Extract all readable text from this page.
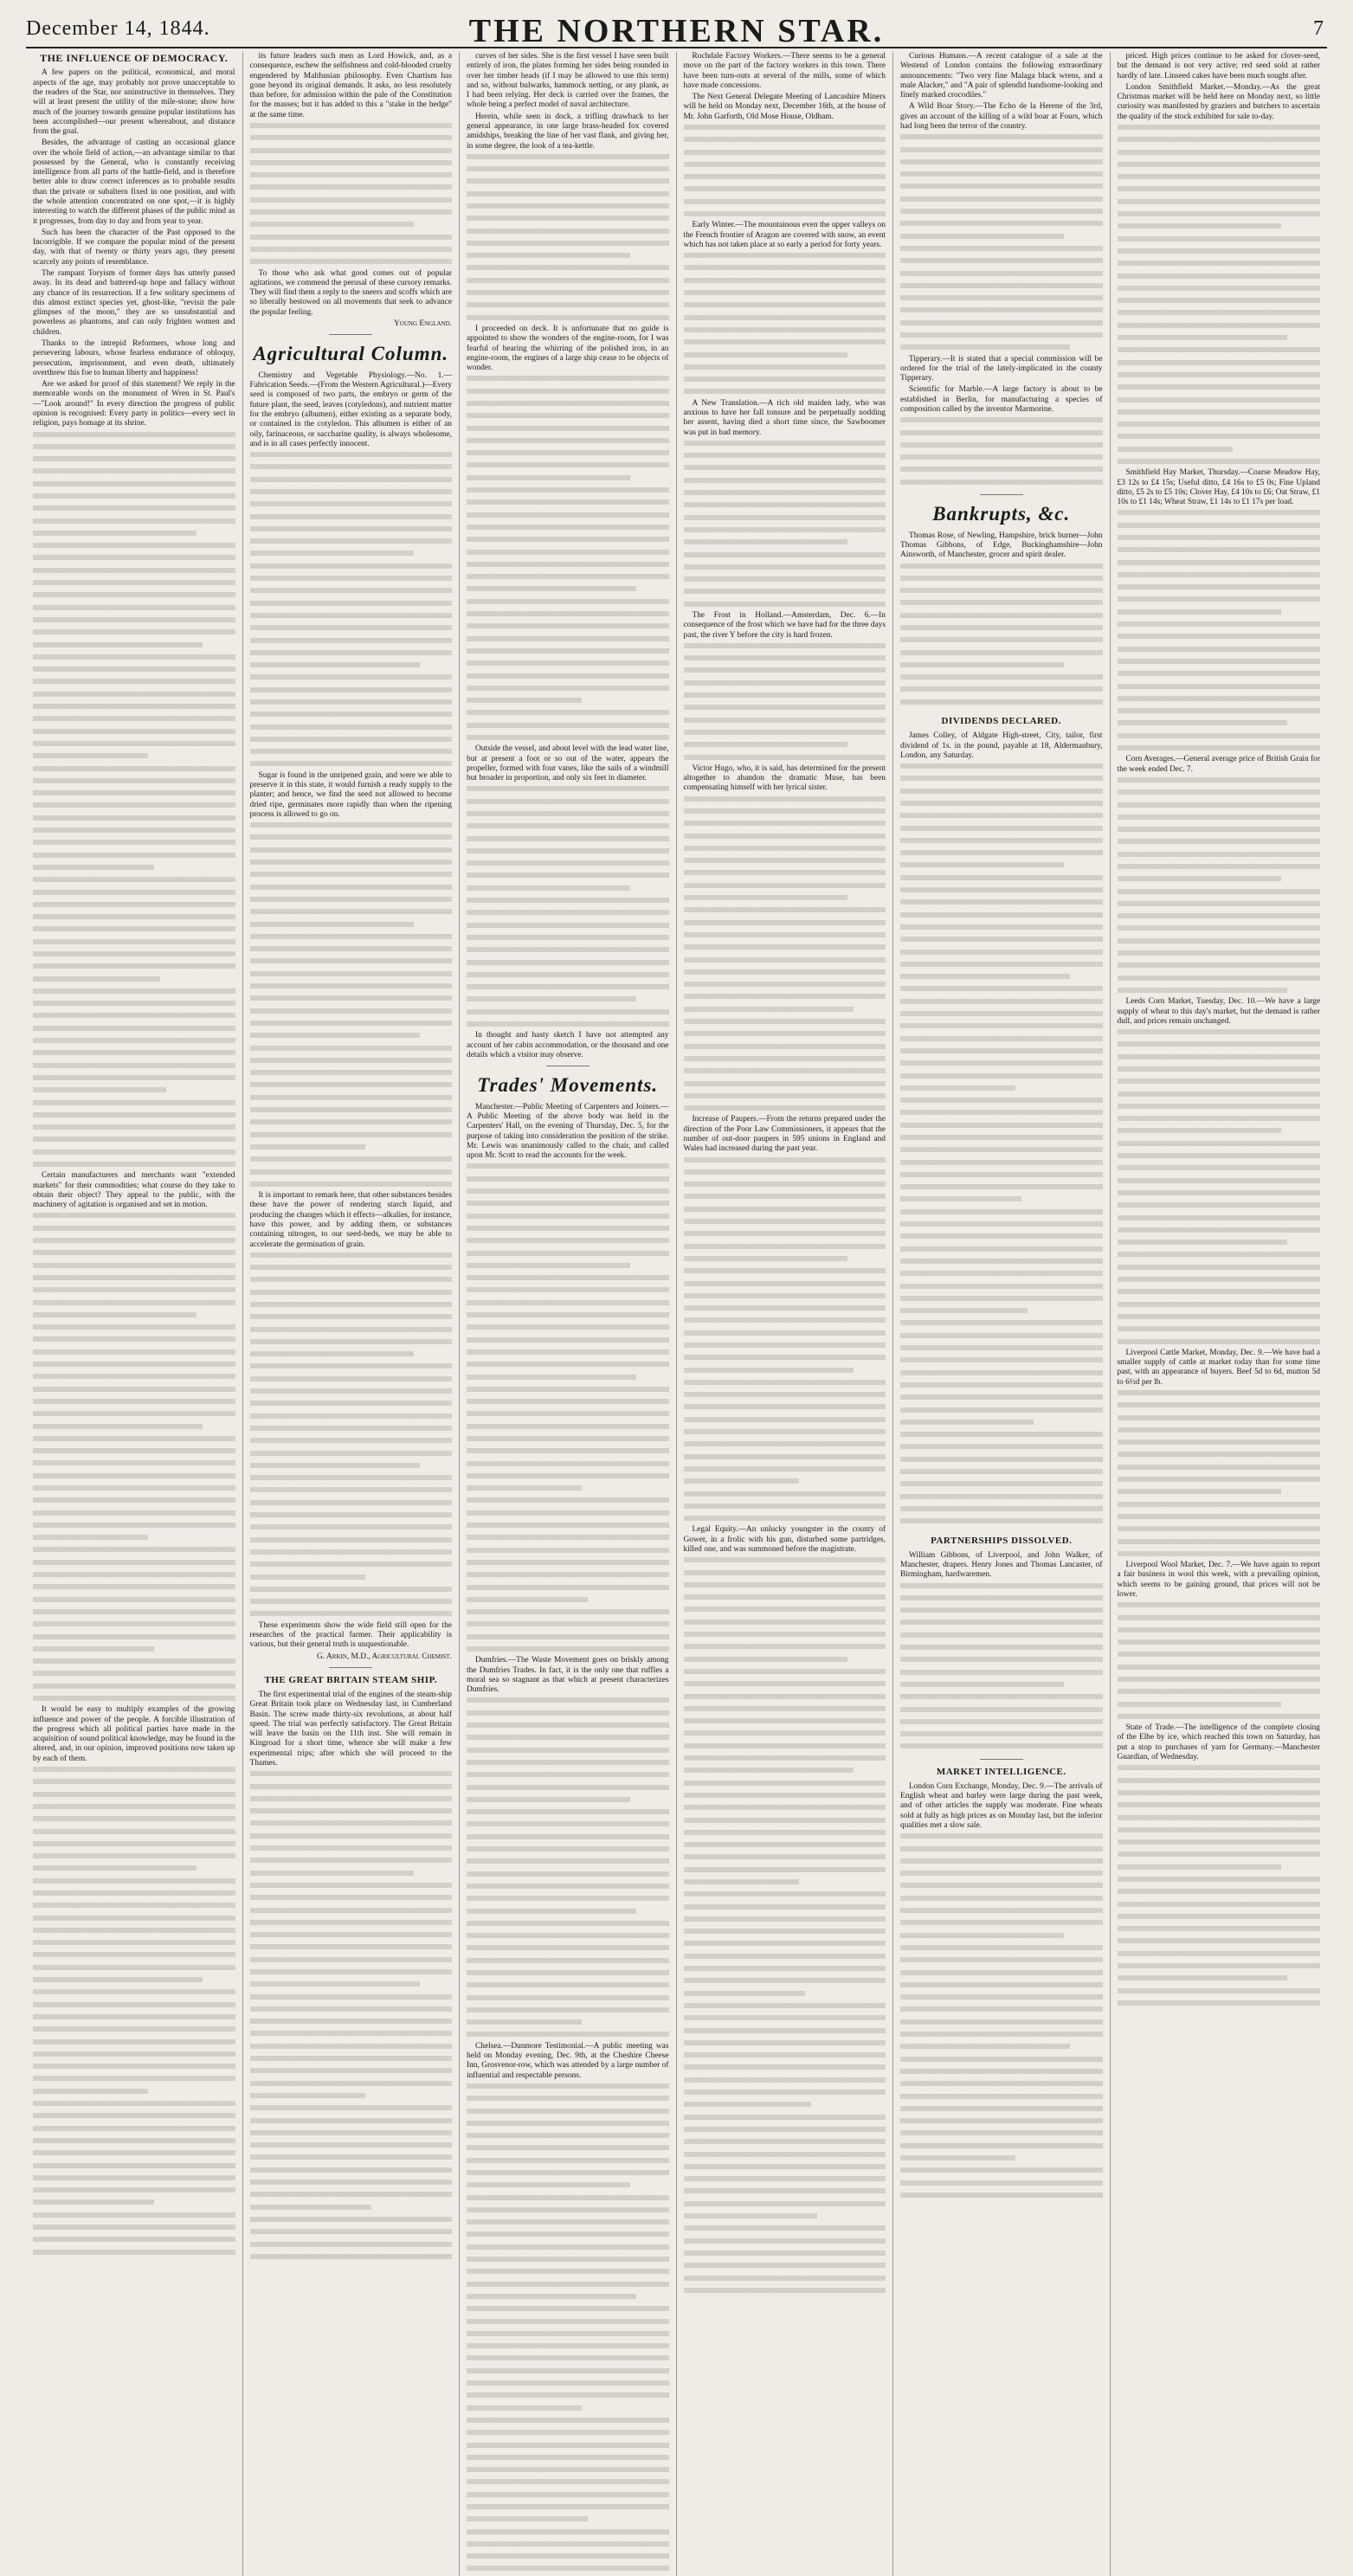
December 14, 1844.	THE NORTHERN STAR.	7
THE INFLUENCE OF DEMOCRACY.

A few papers on the political, economical, and moral aspects of the age, may probably not prove unacceptable to the readers of the Star, nor uninstructive in themselves. They will at least present the utility of the mile-stone; show how much of the journey towards genuine popular institutions has been accomplished—our present whereabout, and distance from the goal.

Besides, the advantage of casting an occasional glance over the whole field of action,—an advantage similar to that possessed by the General, who is constantly receiving intelligence from all parts of the battle-field, and is therefore better able to draw correct inferences as to probable results than the private or subaltern fixed in one position, and with the whole attention concentrated on one spot,—it is highly interesting to watch the different phases of the public mind as it progresses, from day to day and from year to year.

Such has been the character of the Past opposed to the Incorrigible. If we compare the popular mind of the present day, with that of twenty or thirty years ago, they present scarcely any points of resemblance.

The rampant Toryism of former days has utterly passed away. In its dead and battered-up hope and fallacy without any chance of its resurrection. If a few solitary specimens of this almost extinct species yet, ghost-like, "revisit the pale glimpses of the moon," they are so unsubstantial and powerless as phantoms, and can only frighten women and children.

Thanks to the intrepid Reformers, whose long and persevering labours, whose fearless endurance of obloquy, persecution, imprisonment, and even death, ultimately overthrew this foe to human liberty and happiness!

Are we asked for proof of this statement? We reply in the memorable words on the monument of Wren in St. Paul's—"Look around!" In every direction the progress of public opinion is recognised: Every party in politics—every sect in religion, pays homage at its shrine.

Certain manufacturers and merchants want "extended markets" for their commodities; what course do they take to obtain their object? They appeal to the public, with the machinery of agitation is organised and set in motion.

It would be easy to multiply examples of the growing influence and power of the people. A forcible illustration of the progress which all political parties have made in the acquisition of sound political knowledge, may be found in the altered, and, in our opinion, improved positions now taken up by each of them.

its future leaders such men as Lord Howick, and, as a consequence, eschew the selfishness and cold-blooded cruelty engendered by Malthusian philosophy. Even Chartism has gone beyond its original demands. It asks, no less resolutely than before, for admission within the pale of the Constitution for the masses; but it has added to this a "stake in the hedge" at the same time.

To those who ask what good comes out of popular agitations, we commend the perusal of these cursory remarks. They will find them a reply to the sneers and scoffs which are so liberally bestowed on all movements that seek to advance the popular feeling.

Young England.
Agricultural Column.

Chemistry and Vegetable Physiology.—No. 1.—Fabrication Seeds.—(From the Western Agricultural.)—Every seed is composed of two parts, the embryo or germ of the future plant, the seed, leaves (cotyledons), and nutrient matter for the embryo (albumen), either existing as a separate body, or contained in the cotyledon. This albumen is either of an oily, farinaceous, or saccharine quality, is always wholesome, and is in all cases perfectly innocent.

Sugar is found in the unripened grain, and were we able to preserve it in this state, it would furnish a ready supply to the planter; and hence, we find the seed not allowed to become dried ripe, germinates more rapidly than when the ripening process is allowed to go on.

It is important to remark here, that other substances besides these have the power of rendering starch liquid, and producing the changes which it effects—alkalies, for instance, have this power, and by adding them, or substances containing nitrogen, to our seed-beds, we may be able to accelerate the germination of grain.

These experiments show the wide field still open for the researches of the practical farmer. Their applicability is various, but their general truth is unquestionable.

G. Arkin, M.D., Agricultural Chemist.
THE GREAT BRITAIN STEAM SHIP.

The first experimental trial of the engines of the steam-ship Great Britain took place on Wednesday last, in Cumberland Basin. The screw made thirty-six revolutions, at about half speed. The trial was perfectly satisfactory. The Great Britain will leave the basin on the 11th inst. She will remain in Kingroad for a short time, whence she will make a few experimental trips; after which she will proceed to the Thames.

curves of her sides. She is the first vessel I have seen built entirely of iron, the plates forming her sides being rounded in over her timber heads (if I may be allowed to use this term) and so, without bulwarks, hammock netting, or any plank, as I had been relying. Her deck is carried over the frames, the whole being a perfect model of naval architecture.

Herein, while seen in dock, a trifling drawback to her general appearance, in one large brass-headed fox covered amidships, breaking the line of her vast flank, and giving her, in some degree, the look of a tea-kettle.

I proceeded on deck. It is unfortunate that no guide is appointed to show the wonders of the engine-room, for I was fearful of hearing the whirring of the polished iron, in an engine-room, the engines of a large ship cease to be objects of wonder.

Outside the vessel, and about level with the lead water line, but at present a foot or so out of the water, appears the propeller, formed with four vanes, like the sails of a windmill but broader in proportion, and only six feet in diameter.

In thought and hasty sketch I have not attempted any account of her cabin accommodation, or the thousand and one details which a visitor may observe.

Trades' Movements.

Manchester.—Public Meeting of Carpenters and Joiners.—A Public Meeting of the above body was held in the Carpenters' Hall, on the evening of Thursday, Dec. 5, for the purpose of taking into consideration the position of the strike. Mr. Lewis was unanimously called to the chair, and called upon Mr. Scott to read the accounts for the week.

Dumfries.—The Waste Movement goes on briskly among the Dumfries Trades. In fact, it is the only one that ruffles a moral sea so stagnant as that which at present characterizes Dumfries.

Chelsea.—Dunmore Testimonial.—A public meeting was held on Monday evening, Dec. 9th, at the Cheshire Cheese Inn, Grosvenor-row, which was attended by a large number of influential and respectable persons.

Rochdale Factory Workers.—There seems to be a general move on the part of the factory workers in this town. There have been turn-outs at several of the mills, some of which have made concessions.

The Next General Delegate Meeting of Lancashire Miners will be held on Monday next, December 16th, at the house of Mr. John Garforth, Old Mose House, Oldham.

Early Winter.—The mountainous even the upper valleys on the French frontier of Aragon are covered with snow, an event which has not taken place at so early a period for forty years.

A New Translation.—A rich old maiden lady, who was anxious to have her fall tonsure and be perpetually nodding her assent, having died a short time since, the Sawboomer was put in bad memory.

The Frost in Holland.—Amsterdam, Dec. 6.—In consequence of the frost which we have had for the three days past, the river Y before the city is hard frozen.

Victor Hugo, who, it is said, has determined for the present altogether to abandon the dramatic Muse, has been compensating himself with her lyrical sister.

Increase of Paupers.—From the returns prepared under the direction of the Poor Law Commissioners, it appears that the number of out-door paupers in 595 unions in England and Wales had increased during the past year.

Legal Equity.—An unlucky youngster in the county of Gower, in a frolic with his gun, disturbed some partridges, killed one, and was summoned before the magistrate.

Curious Humans.—A recent catalogue of a sale at the Westend of London contains the following extraordinary announcements: "Two very fine Malaga black wrens, and a male Alacker," and "A pair of splendid handsome-looking and finely marked crocodiles."

A Wild Boar Story.—The Echo de la Herene of the 3rd, gives an account of the killing of a wild boar at Fours, which had long been the terror of the country.

Tipperary.—It is stated that a special commission will be ordered for the trial of the lately-implicated in the county Tipperary.

Scientific for Marble.—A large factory is about to be established in Berlin, for manufacturing a species of composition called by the inventor Marmorine.

Bankrupts, &c.

Thomas Rose, of Newling, Hampshire, brick burner—John Thomas Gibbons, of Edge, Buckinghamshire—John Ainsworth, of Manchester, grocer and spirit dealer.

DIVIDENDS DECLARED.

James Colley, of Aldgate High-street, City, tailor, first dividend of 1s. in the pound, payable at 18, Aldermanbury, London, any Saturday.

PARTNERSHIPS DISSOLVED.

William Gibbons, of Liverpool, and John Walker, of Manchester, drapers. Henry Jones and Thomas Lancaster, of Birmingham, hardwaremen.

MARKET INTELLIGENCE.

London Corn Exchange, Monday, Dec. 9.—The arrivals of English wheat and barley were large during the past week, and of other articles the supply was moderate. Fine wheats sold at fully as high prices as on Monday last, but the inferior qualities met a slow sale.

priced. High prices continue to be asked for clover-seed, but the demand is not very active; red seed sold at rather hardly of late. Linseed cakes have been much sought after.

London Smithfield Market.—Monday.—As the great Christmas market will be held here on Monday next, so little curiosity was manifested by graziers and butchers to ascertain the quality of the stock exhibited for sale to-day.

Smithfield Hay Market, Thursday.—Coarse Meadow Hay, £3 12s to £4 15s; Useful ditto, £4 16s to £5 0s; Fine Upland ditto, £5 2s to £5 10s; Clover Hay, £4 10s to £6; Oat Straw, £1 10s to £1 14s; Wheat Straw, £1 14s to £1 17s per load.

Corn Averages.—General average price of British Grain for the week ended Dec. 7.

Leeds Corn Market, Tuesday, Dec. 10.—We have a large supply of wheat to this day's market, but the demand is rather dull, and prices remain unchanged.

Liverpool Cattle Market, Monday, Dec. 9.—We have had a smaller supply of cattle at market today than for some time past, with an appearance of buyers. Beef 5d to 6d, mutton 5d to 6½d per lb.

Liverpool Wool Market, Dec. 7.—We have again to report a fair business in wool this week, with a prevailing opinion, which seems to be gaining ground, that prices will not be lower.

State of Trade.—The intelligence of the complete closing of the Elbe by ice, which reached this town on Saturday, has put a stop to purchases of yarn for Germany.—Manchester Guardian, of Wednesday.
